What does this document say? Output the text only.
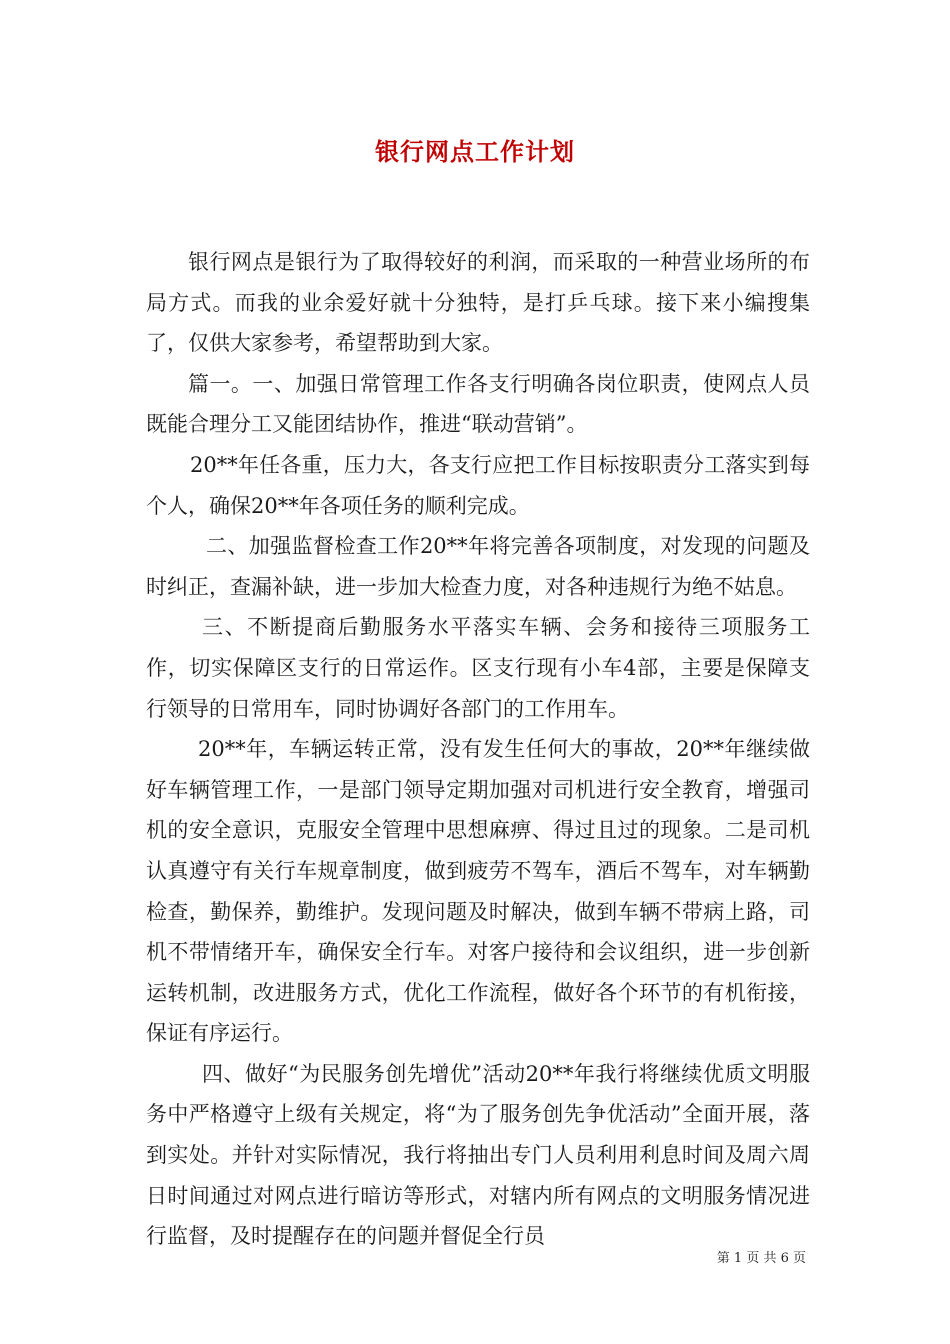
银行网点工作计划

银行网点是银行为了取得较好的利润，而采取的一种营业场所的布局方式。而我的业余爱好就十分独特，是打乒乓球。接下来小编搜集了，仅供大家参考，希望帮助到大家。

篇一。一、加强日常管理工作各支行明确各岗位职责，使网点人员既能合理分工又能团结协作，推进“联动营销”。

20**年任各重，压力大，各支行应把工作目标按职责分工落实到每个人，确保20**年各项任务的顺利完成。

二、加强监督检查工作20**年将完善各项制度，对发现的问题及时纠正，查漏补缺，进一步加大检查力度，对各种违规行为绝不姑息。

三、不断提商后勤服务水平落实车辆、会务和接待三项服务工作，切实保障区支行的日常运作。区支行现有小车4部，主要是保障支行领导的日常用车，同时协调好各部门的工作用车。

20**年，车辆运转正常，没有发生任何大的事故，20**年继续做好车辆管理工作，一是部门领导定期加强对司机进行安全教育，增强司机的安全意识，克服安全管理中思想麻痹、得过且过的现象。二是司机认真遵守有关行车规章制度，做到疲劳不驾车，酒后不驾车，对车辆勤检查，勤保养，勤维护。发现问题及时解决，做到车辆不带病上路，司机不带情绪开车，确保安全行车。对客户接待和会议组织，进一步创新运转机制，改进服务方式，优化工作流程，做好各个环节的有机衔接，保证有序运行。

四、做好“为民服务创先增优”活动20**年我行将继续优质文明服务中严格遵守上级有关规定，将“为了服务创先争优活动”全面开展，落到实处。并针对实际情况，我行将抽出专门人员利用利息时间及周六周日时间通过对网点进行暗访等形式，对辖内所有网点的文明服务情况进行监督，及时提醒存在的问题并督促全行员

第 1 页 共 6 页
